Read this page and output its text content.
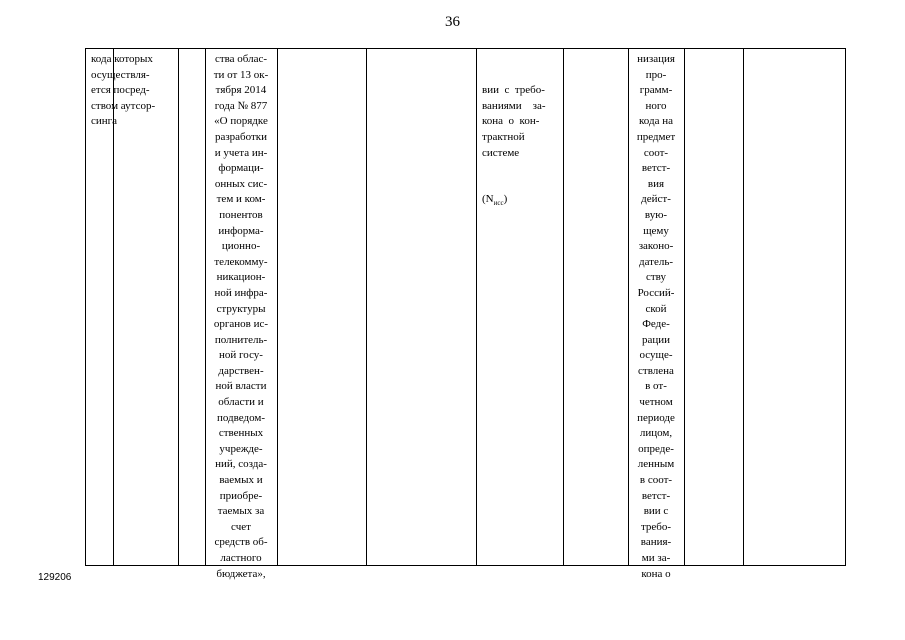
36
кода которых
осуществля-
ется посред-
ством аутсор-
синга
ства облас-
ти от 13 ок-
тября 2014
года № 877
«О порядке
разработки
и учета ин-
формаци-
онных сис-
тем и ком-
понентов
информа-
ционно-
телекомму-
никацион-
ной инфра-
структуры
органов ис-
полнитель-
ной госу-
дарствен-
ной власти
области и
подведом-
ственных
учрежде-
ний, созда-
ваемых и
приобре-
таемых за
счет
средств об-
ластного
бюджета»,

вии  с  требо-
ваниями    за-
кона  о  кон-
трактной
системе

$(N_{исс})$

низация
про-
грамм-
ного
кода на
предмет
соот-
ветст-
вия
дейст-
вую-
щему
законо-
датель-
ству
Россий-
ской
Феде-
рации
осуще-
ствлена
в от-
четном
периоде
лицом,
опреде-
ленным
в соот-
ветст-
вии с
требо-
вания-
ми за-
кона о
129206
